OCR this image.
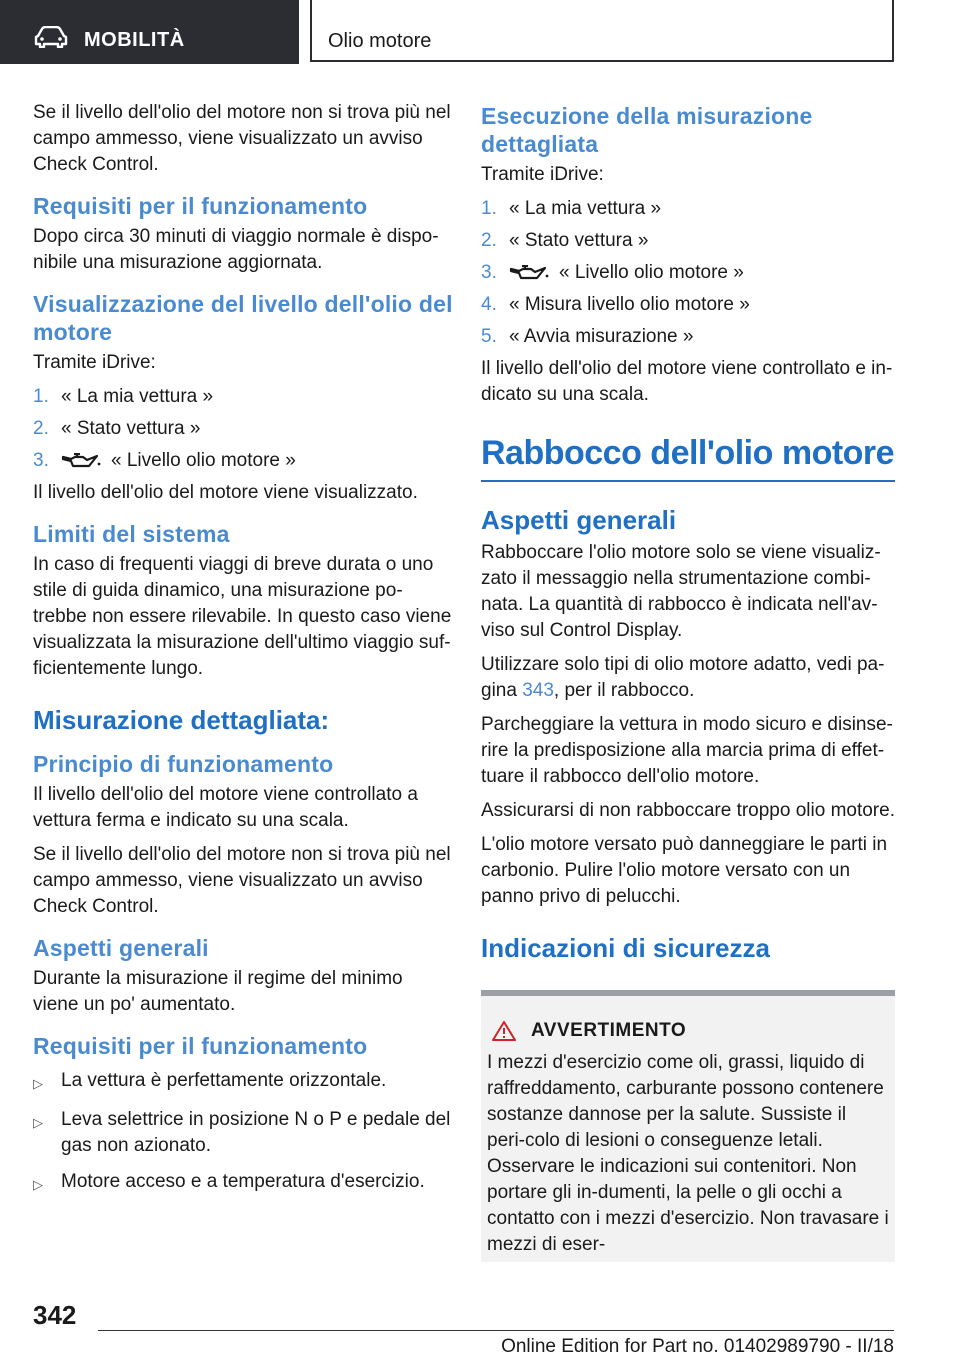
MOBILITÀ	Olio motore

Se il livello dell'olio del motore non si trova più nel campo ammesso, viene visualizzato un avviso Check Control.

Requisiti per il funzionamento

Dopo circa 30 minuti di viaggio normale è dispo‐nibile una misurazione aggiornata.

Visualizzazione del livello dell'olio del motore

Tramite iDrive:

1. « La mia vettura »
2. « Stato vettura »
3.	« Livello olio motore »

Il livello dell'olio del motore viene visualizzato.

Limiti del sistema

In caso di frequenti viaggi di breve durata o uno stile di guida dinamico, una misurazione po‐trebbe non essere rilevabile. In questo caso viene visualizzata la misurazione dell'ultimo viaggio suf‐ficientemente lungo.

Misurazione dettagliata:
Principio di funzionamento

Il livello dell'olio del motore viene controllato a vettura ferma e indicato su una scala.

Se il livello dell'olio del motore non si trova più nel campo ammesso, viene visualizzato un avviso Check Control.

Aspetti generali

Durante la misurazione il regime del minimo viene un po' aumentato.

Requisiti per il funzionamento
▷ La vettura è perfettamente orizzontale.
▷ Leva selettrice in posizione N o P e pedale del gas non azionato.
▷ Motore acceso e a temperatura d'esercizio.
Esecuzione della misurazione dettagliata

Tramite iDrive:

1. « La mia vettura »
2. « Stato vettura »
3.	« Livello olio motore »
4. « Misura livello olio motore »
5. « Avvia misurazione »

Il livello dell'olio del motore viene controllato e in‐dicato su una scala.

Rabbocco dell'olio motore
Aspetti generali

Rabboccare l'olio motore solo se viene visualiz‐zato il messaggio nella strumentazione combi‐nata. La quantità di rabbocco è indicata nell'av‐viso sul Control Display.

Utilizzare solo tipi di olio motore adatto, vedi pa‐gina 343, per il rabbocco.

Parcheggiare la vettura in modo sicuro e disinse‐rire la predisposizione alla marcia prima di effet‐tuare il rabbocco dell'olio motore.

Assicurarsi di non rabboccare troppo olio motore.

L'olio motore versato può danneggiare le parti in carbonio. Pulire l'olio motore versato con un panno privo di pelucchi.

Indicazioni di sicurezza
AVVERTIMENTO

I mezzi d'esercizio come oli, grassi, liquido di raffreddamento, carburante possono contenere sostanze dannose per la salute. Sussiste il peri‐colo di lesioni o conseguenze letali. Osservare le indicazioni sui contenitori. Non portare gli in‐dumenti, la pelle o gli occhi a contatto con i mezzi d'esercizio. Non travasare i mezzi di eser‐

342
Online Edition for Part no. 01402989790 - II/18
